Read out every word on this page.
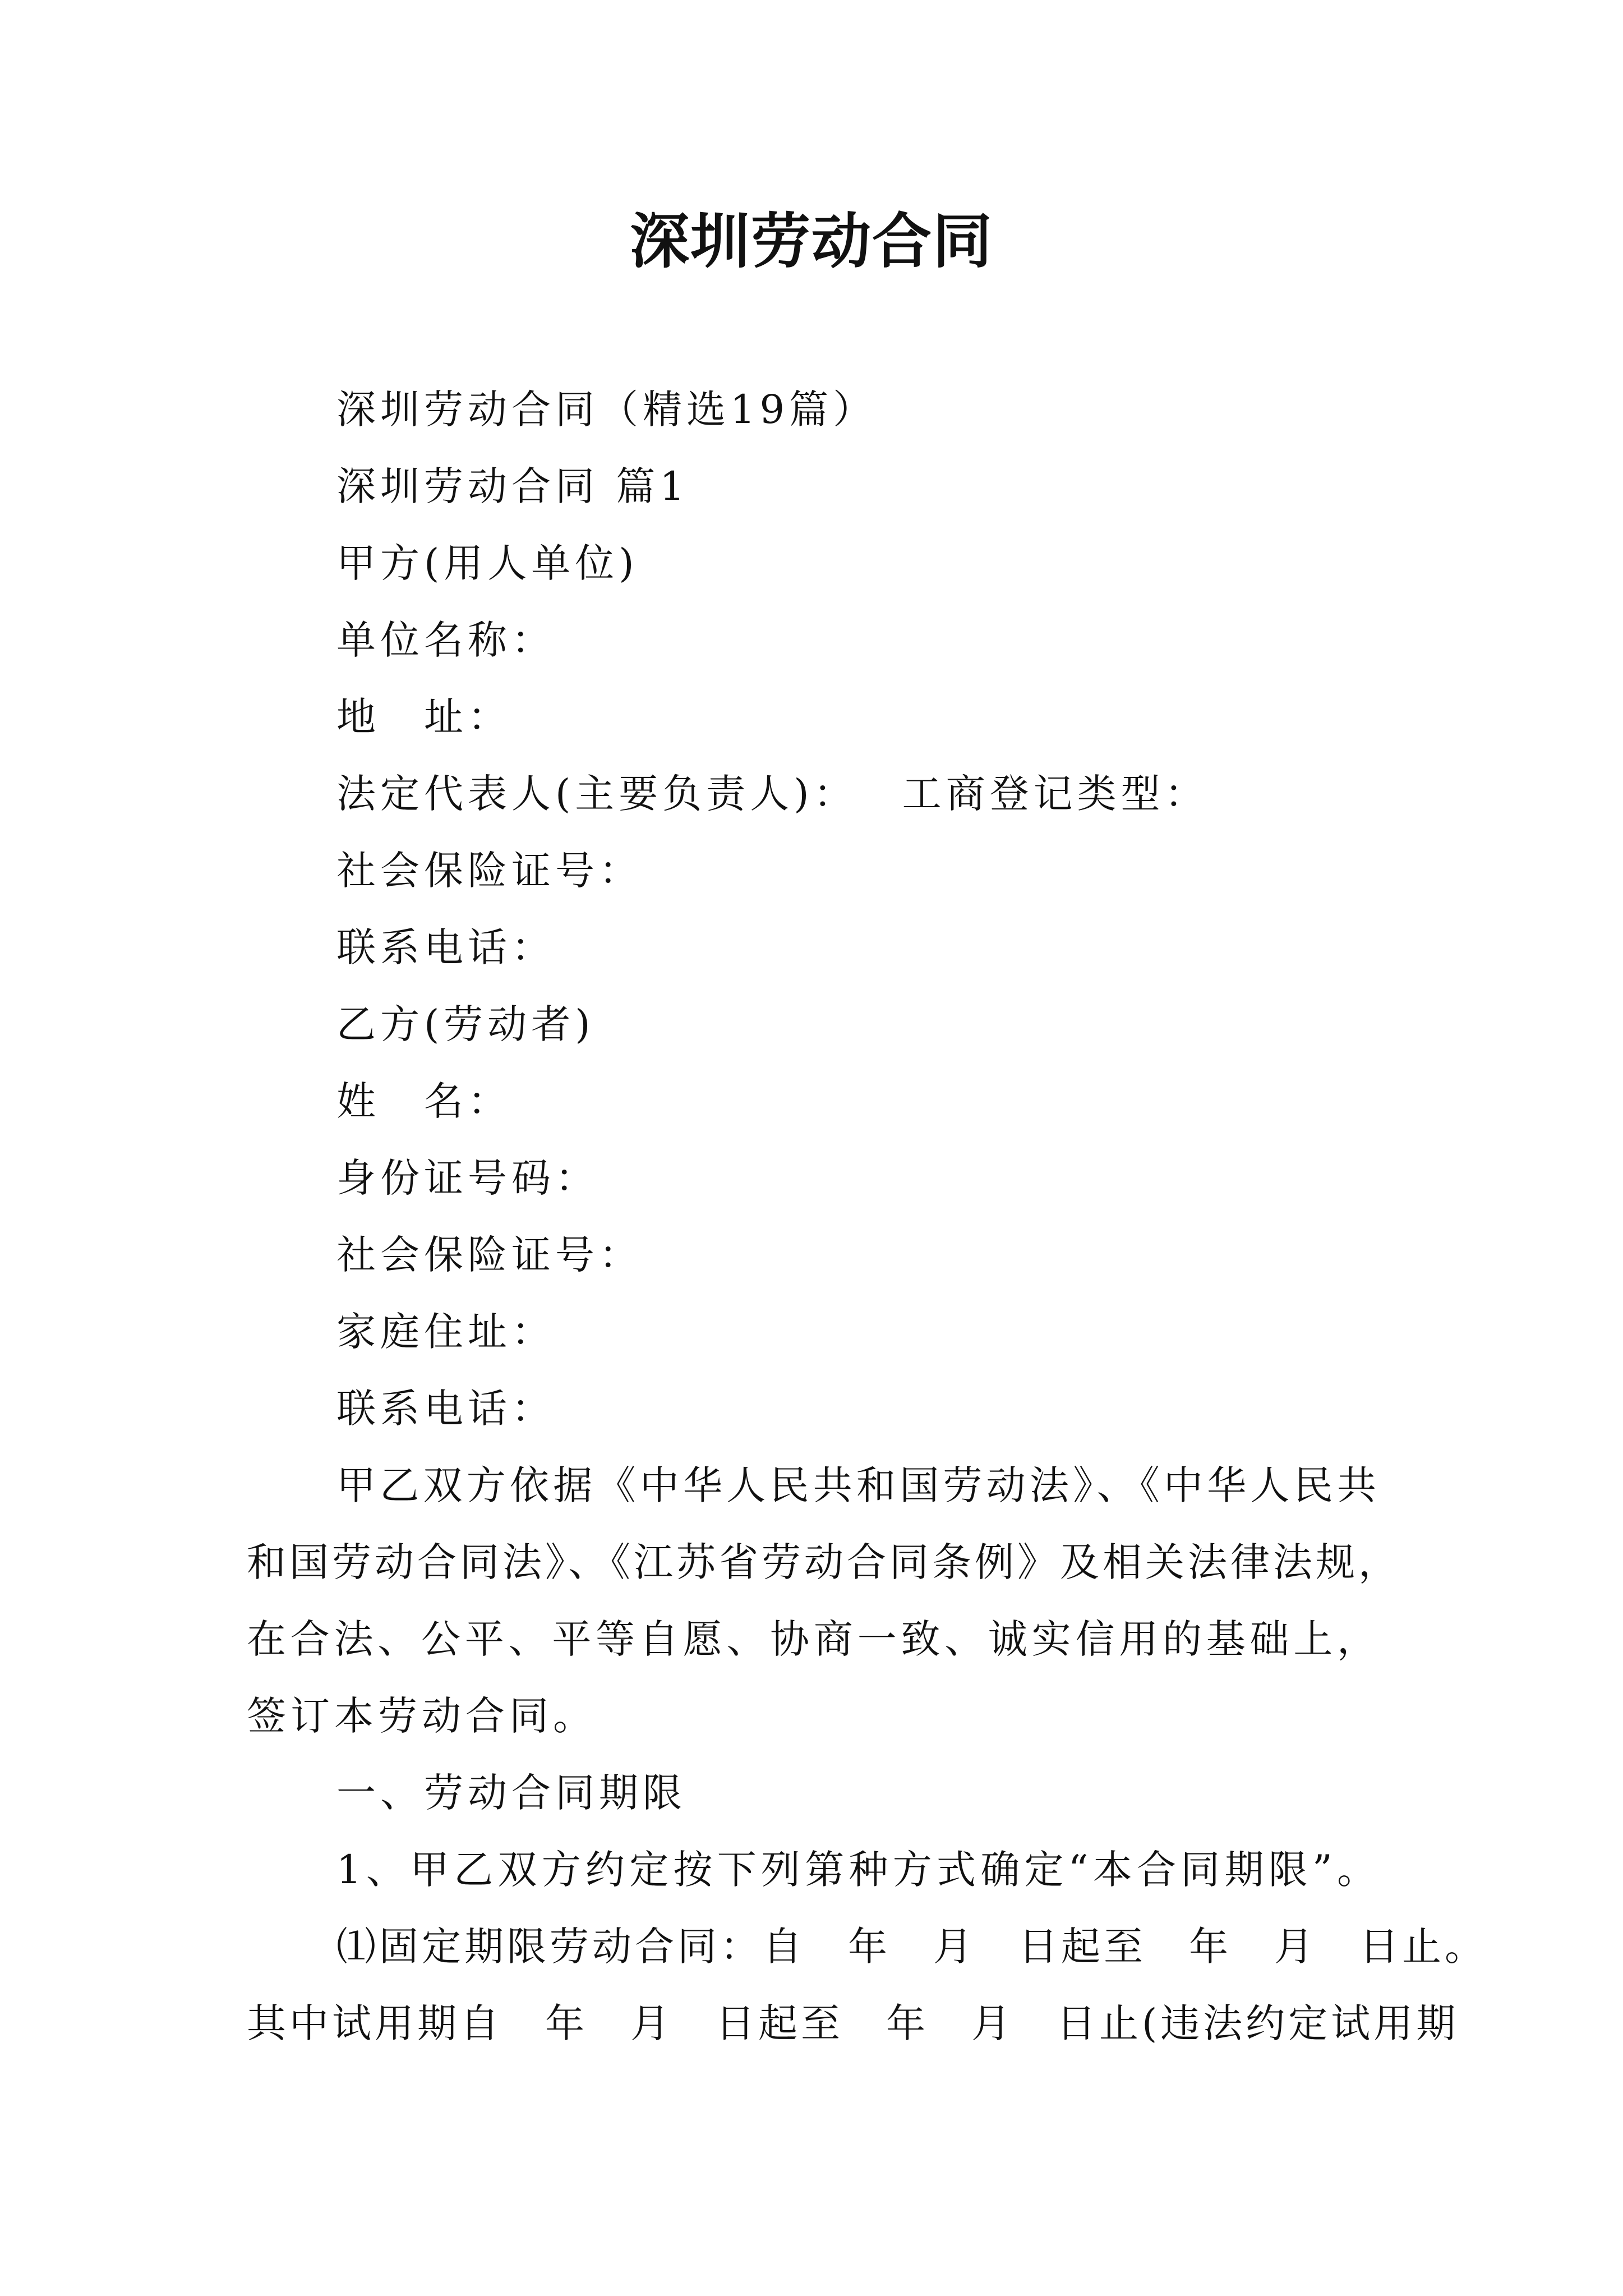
深圳劳动合同
深圳劳动合同（精选19篇）
深圳劳动合同 篇1
甲方(用人单位)
单位名称：
地　址：
法定代表人(主要负责人)： 工商登记类型：
社会保险证号：
联系电话：
乙方(劳动者)
姓　名：
身份证号码：
社会保险证号：
家庭住址：
联系电话：
甲乙双方依据《中华人民共和国劳动法》、《中华人民共
和国劳动合同法》、《江苏省劳动合同条例》及相关法律法规，
在合法、公平、平等自愿、协商一致、诚实信用的基础上，
签订本劳动合同。
一、劳动合同期限
1、甲乙双方约定按下列第种方式确定“本合同期限”。
⑴固定期限劳动合同：自　年　月　日起至　年　月　日止。
其中试用期自　年　月　日起至　年　月　日止(违法约定试用期
